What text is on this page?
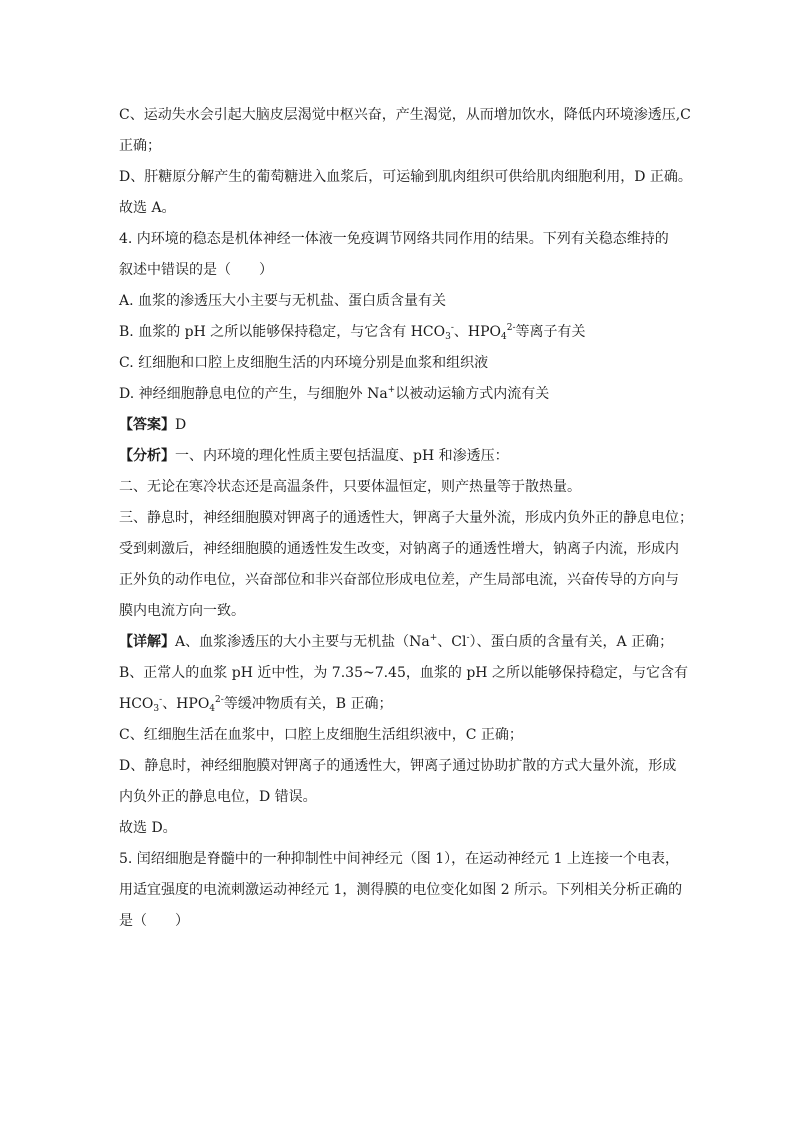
C、运动失水会引起大脑皮层渴觉中枢兴奋，产生渴觉，从而增加饮水，降低内环境渗透压,C
正确；
D、肝糖原分解产生的葡萄糖进入血浆后，可运输到肌肉组织可供给肌肉细胞利用，D 正确。
故选 A。
4. 内环境的稳态是机体神经一体液一免疫调节网络共同作用的结果。下列有关稳态维持的
叙述中错误的是（　　）
A. 血浆的渗透压大小主要与无机盐、蛋白质含量有关
B. 血浆的 pH 之所以能够保持稳定，与它含有 $HCO_3^-$、$HPO_4^{2-}$等离子有关
C. 红细胞和口腔上皮细胞生活的内环境分别是血浆和组织液
D. 神经细胞静息电位的产生，与细胞外 Na+以被动运输方式内流有关
【答案】D
【分析】一、内环境的理化性质主要包括温度、pH 和渗透压：
二、无论在寒冷状态还是高温条件，只要体温恒定，则产热量等于散热量。
三、静息时，神经细胞膜对钾离子的通透性大，钾离子大量外流，形成内负外正的静息电位；
受到刺激后，神经细胞膜的通透性发生改变，对钠离子的通透性增大，钠离子内流，形成内
正外负的动作电位，兴奋部位和非兴奋部位形成电位差，产生局部电流，兴奋传导的方向与
膜内电流方向一致。
【详解】A、血浆渗透压的大小主要与无机盐（Na+、Cl-）、蛋白质的含量有关，A 正确；
B、正常人的血浆 pH 近中性，为 7.35~7.45，血浆的 pH 之所以能够保持稳定，与它含有
$HCO_3^-$、$HPO_4^{2-}$等缓冲物质有关，B 正确；
C、红细胞生活在血浆中，口腔上皮细胞生活组织液中，C 正确；
D、静息时，神经细胞膜对钾离子的通透性大，钾离子通过协助扩散的方式大量外流，形成
内负外正的静息电位，D 错误。
故选 D。
5. 闰绍细胞是脊髓中的一种抑制性中间神经元（图 1），在运动神经元 1 上连接一个电表，
用适宜强度的电流刺激运动神经元 1，测得膜的电位变化如图 2 所示。下列相关分析正确的
是（　　）
